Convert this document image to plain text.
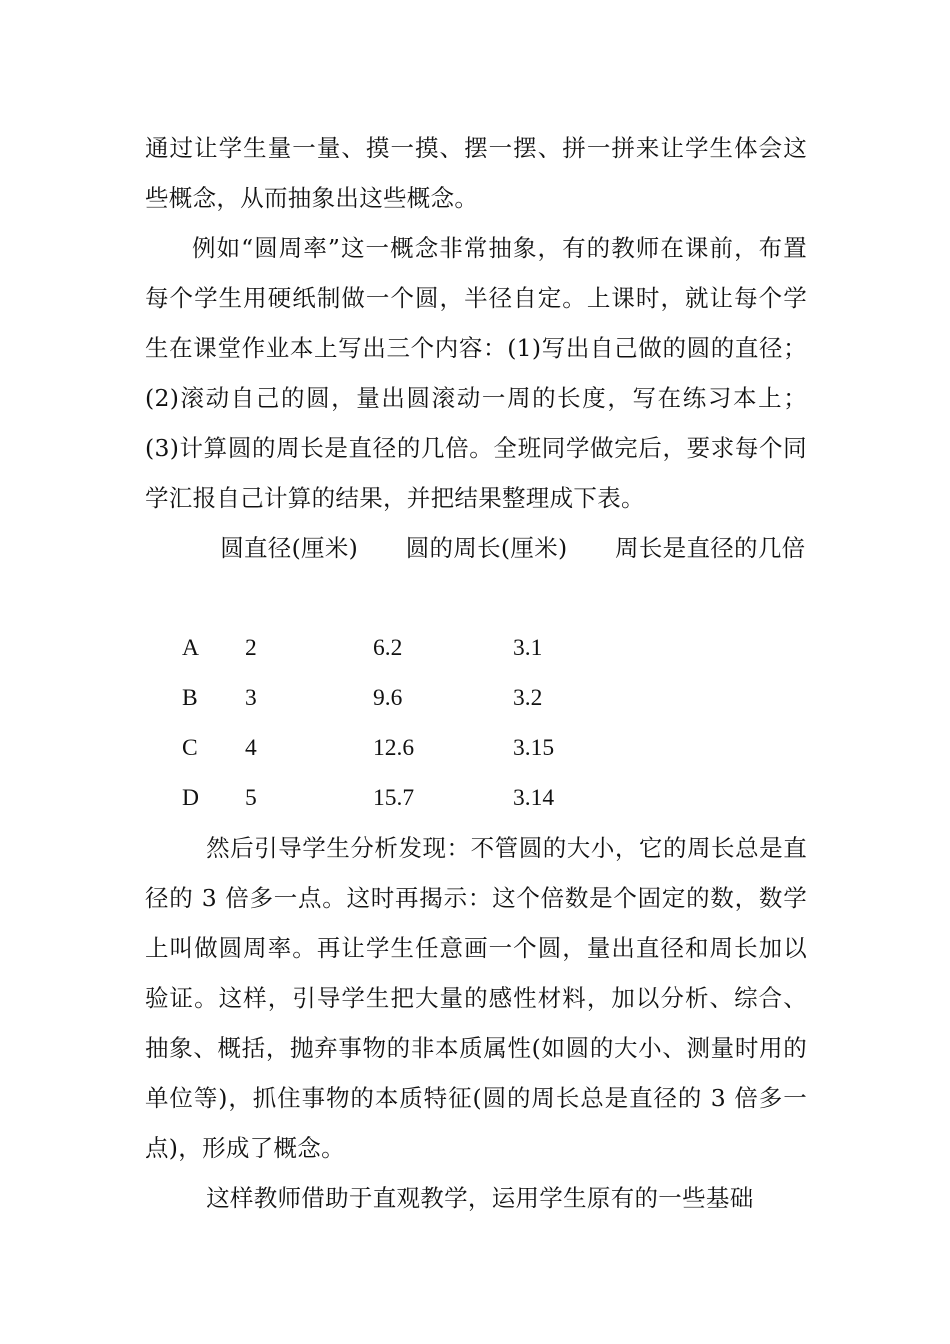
通过让学生量一量、摸一摸、摆一摆、拼一拼来让学生体会这些概念，从而抽象出这些概念。
例如“圆周率”这一概念非常抽象，有的教师在课前，布置每个学生用硬纸制做一个圆，半径自定。上课时，就让每个学生在课堂作业本上写出三个内容：(1)写出自己做的圆的直径；(2)滚动自己的圆，量出圆滚动一周的长度，写在练习本上；(3)计算圆的周长是直径的几倍。全班同学做完后，要求每个同学汇报自己计算的结果，并把结果整理成下表。
圆直径(厘米)　　圆的周长(厘米)　　周长是直径的几倍
A 2	6.2	3.1
B 3	9.6	3.2
C 4	12.6	3.15
D 5	15.7	3.14
然后引导学生分析发现：不管圆的大小，它的周长总是直径的 3 倍多一点。这时再揭示：这个倍数是个固定的数，数学上叫做圆周率。再让学生任意画一个圆，量出直径和周长加以验证。这样，引导学生把大量的感性材料，加以分析、综合、抽象、概括，抛弃事物的非本质属性(如圆的大小、测量时用的单位等)，抓住事物的本质特征(圆的周长总是直径的 3 倍多一点)，形成了概念。
这样教师借助于直观教学，运用学生原有的一些基础
